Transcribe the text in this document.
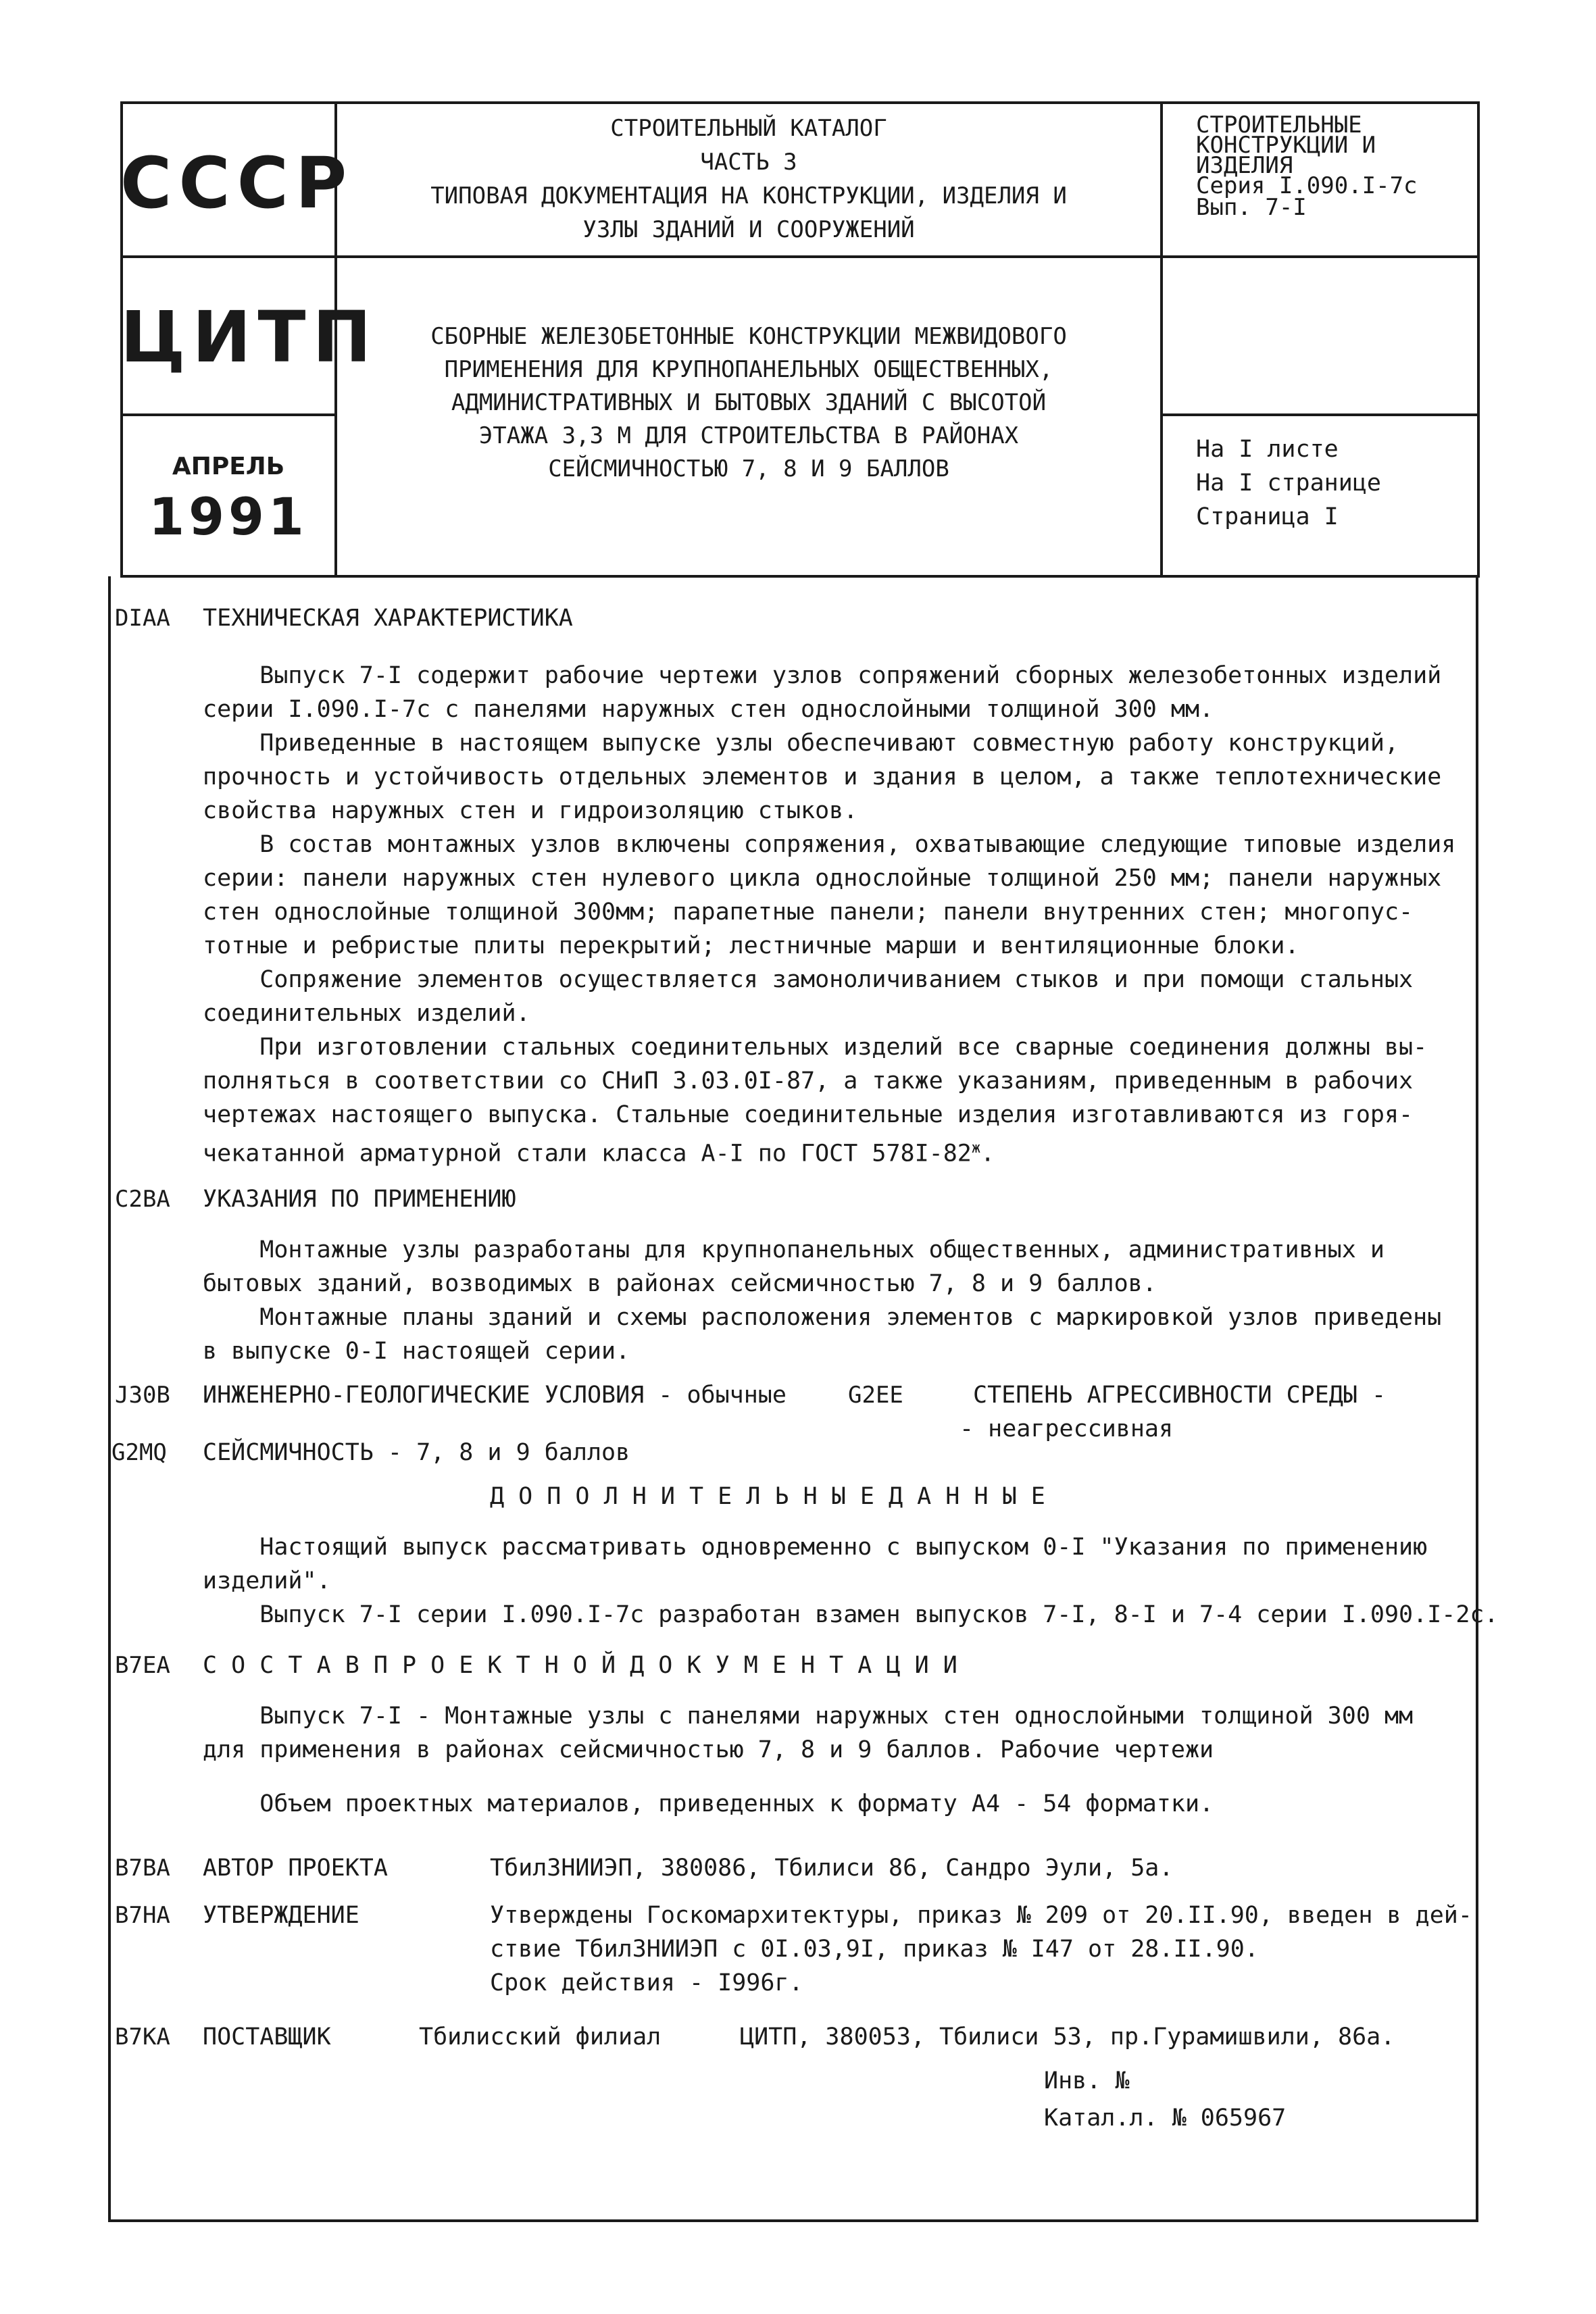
СССР
ЦИТП
АПРЕЛЬ
1991
СТРОИТЕЛЬНЫЙ КАТАЛОГ
ЧАСТЬ 3
ТИПОВАЯ ДОКУМЕНТАЦИЯ НА КОНСТРУКЦИИ, ИЗДЕЛИЯ И
УЗЛЫ ЗДАНИЙ И СООРУЖЕНИЙ
СТРОИТЕЛЬНЫЕ
КОНСТРУКЦИИ И
ИЗДЕЛИЯ
Серия I.090.I-7с
Вып. 7-I
СБОРНЫЕ ЖЕЛЕЗОБЕТОННЫЕ КОНСТРУКЦИИ МЕЖВИДОВОГО
ПРИМЕНЕНИЯ ДЛЯ КРУПНОПАНЕЛЬНЫХ ОБЩЕСТВЕННЫХ,
АДМИНИСТРАТИВНЫХ И БЫТОВЫХ ЗДАНИЙ С ВЫСОТОЙ
ЭТАЖА 3,3 М ДЛЯ СТРОИТЕЛЬСТВА В РАЙОНАХ
СЕЙСМИЧНОСТЬЮ 7, 8 И 9 БАЛЛОВ
На I листе
На I странице
Страница I
DIAA ТЕХНИЧЕСКАЯ ХАРАКТЕРИСТИКА
Выпуск 7-I содержит рабочие чертежи узлов сопряжений сборных железобетонных изделий
серии I.090.I-7с с панелями наружных стен однослойными толщиной 300 мм.
Приведенные в настоящем выпуске узлы обеспечивают совместную работу конструкций,
прочность и устойчивость отдельных элементов и здания в целом, а также теплотехнические
свойства наружных стен и гидроизоляцию стыков.
В состав монтажных узлов включены сопряжения, охватывающие следующие типовые изделия
серии: панели наружных стен нулевого цикла однослойные толщиной 250 мм; панели наружных
стен однослойные толщиной 300мм; парапетные панели; панели внутренних стен; многопус-
тотные и ребристые плиты перекрытий; лестничные марши и вентиляционные блоки.
Сопряжение элементов осуществляется замоноличиванием стыков и при помощи стальных
соединительных изделий.
При изготовлении стальных соединительных изделий все сварные соединения должны вы-
полняться в соответствии со СНиП 3.03.0I-87, а также указаниям, приведенным в рабочих
чертежах настоящего выпуска. Стальные соединительные изделия изготавливаются из горя-
чекатанной арматурной стали класса А-I по ГОСТ $578I-82^ж$.
C2BA УКАЗАНИЯ ПО ПРИМЕНЕНИЮ
Монтажные узлы разработаны для крупнопанельных общественных, административных и
бытовых зданий, возводимых в районах сейсмичностью 7, 8 и 9 баллов.
Монтажные планы зданий и схемы расположения элементов с маркировкой узлов приведены
в выпуске 0-I настоящей серии.
J30B ИНЖЕНЕРНО-ГЕОЛОГИЧЕСКИЕ УСЛОВИЯ - обычные	G2EE	СТЕПЕНЬ АГРЕССИВНОСТИ СРЕДЫ -
- неагрессивная
G2MQ СЕЙСМИЧНОСТЬ - 7, 8 и 9 баллов
Д О П О Л Н И Т Е Л Ь Н Ы Е Д А Н Н Ы Е
Настоящий выпуск рассматривать одновременно с выпуском 0-I "Указания по применению
изделий".
Выпуск 7-I серии I.090.I-7с разработан взамен выпусков 7-I, 8-I и 7-4 серии I.090.I-2с.
B7EA С О С Т А В П Р О Е К Т Н О Й Д О К У М Е Н Т А Ц И И
Выпуск 7-I - Монтажные узлы с панелями наружных стен однослойными толщиной 300 мм
для применения в районах сейсмичностью 7, 8 и 9 баллов. Рабочие чертежи
Объем проектных материалов, приведенных к формату А4 - 54 форматки.
B7BA АВТОР ПРОЕКТА	ТбилЗНИИЭП, 380086, Тбилиси 86, Сандро Эули, 5а.
B7HA УТВЕРЖДЕНИЕ	Утверждены Госкомархитектуры, приказ № 209 от 20.II.90, введен в дей-
ствие ТбилЗНИИЭП с 0I.03,9I, приказ № I47 от 28.II.90.
Срок действия - I996г.
B7KA ПОСТАВЩИК	Тбилисский филиал	ЦИТП, 380053, Тбилиси 53, пр.Гурамишвили, 86а.
Инв. №
Катал.л. № 065967
